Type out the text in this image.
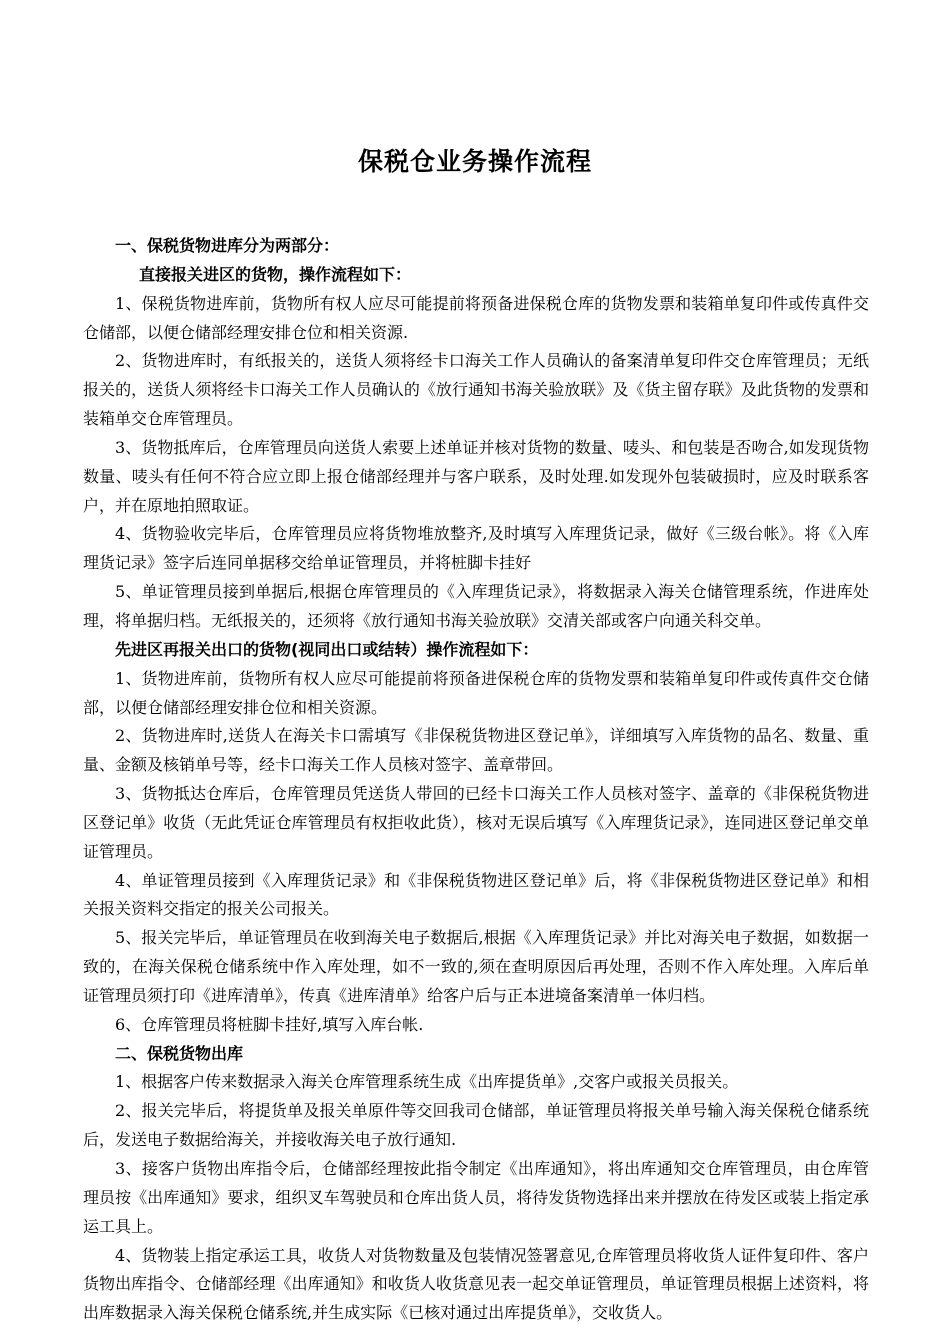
保税仓业务操作流程

一、保税货物进库分为两部分：

直接报关进区的货物，操作流程如下：

1、保税货物进库前，货物所有权人应尽可能提前将预备进保税仓库的货物发票和装箱单复印件或传真件交仓储部，以便仓储部经理安排仓位和相关资源.

2、货物进库时，有纸报关的，送货人须将经卡口海关工作人员确认的备案清单复印件交仓库管理员；无纸报关的，送货人须将经卡口海关工作人员确认的《放行通知书海关验放联》及《货主留存联》及此货物的发票和装箱单交仓库管理员。

3、货物抵库后，仓库管理员向送货人索要上述单证并核对货物的数量、唛头、和包装是否吻合,如发现货物数量、唛头有任何不符合应立即上报仓储部经理并与客户联系，及时处理.如发现外包装破损时，应及时联系客户，并在原地拍照取证。

4、货物验收完毕后，仓库管理员应将货物堆放整齐,及时填写入库理货记录，做好《三级台帐》。将《入库理货记录》签字后连同单据移交给单证管理员，并将桩脚卡挂好

5、单证管理员接到单据后,根据仓库管理员的《入库理货记录》，将数据录入海关仓储管理系统，作进库处理，将单据归档。无纸报关的，还须将《放行通知书海关验放联》交清关部或客户向通关科交单。

先进区再报关出口的货物(视同出口或结转）操作流程如下：

1、货物进库前，货物所有权人应尽可能提前将预备进保税仓库的货物发票和装箱单复印件或传真件交仓储部，以便仓储部经理安排仓位和相关资源。

2、货物进库时,送货人在海关卡口需填写《非保税货物进区登记单》，详细填写入库货物的品名、数量、重量、金额及核销单号等，经卡口海关工作人员核对签字、盖章带回。

3、货物抵达仓库后，仓库管理员凭送货人带回的已经卡口海关工作人员核对签字、盖章的《非保税货物进区登记单》收货（无此凭证仓库管理员有权拒收此货），核对无误后填写《入库理货记录》，连同进区登记单交单证管理员。

4、单证管理员接到《入库理货记录》和《非保税货物进区登记单》后，将《非保税货物进区登记单》和相关报关资料交指定的报关公司报关。

5、报关完毕后，单证管理员在收到海关电子数据后,根据《入库理货记录》并比对海关电子数据，如数据一致的，在海关保税仓储系统中作入库处理，如不一致的,须在查明原因后再处理，否则不作入库处理。入库后单证管理员须打印《进库清单》，传真《进库清单》给客户后与正本进境备案清单一体归档。

6、仓库管理员将桩脚卡挂好,填写入库台帐.

二、保税货物出库

1、根据客户传来数据录入海关仓库管理系统生成《出库提货单》,交客户或报关员报关。

2、报关完毕后，将提货单及报关单原件等交回我司仓储部，单证管理员将报关单号输入海关保税仓储系统后，发送电子数据给海关，并接收海关电子放行通知.

3、接客户货物出库指令后，仓储部经理按此指令制定《出库通知》，将出库通知交仓库管理员，由仓库管理员按《出库通知》要求，组织叉车驾驶员和仓库出货人员，将待发货物选择出来并摆放在待发区或装上指定承运工具上。

4、货物装上指定承运工具，收货人对货物数量及包装情况签署意见,仓库管理员将收货人证件复印件、客户货物出库指令、仓储部经理《出库通知》和收货人收货意见表一起交单证管理员，单证管理员根据上述资料，将出库数据录入海关保税仓储系统,并生成实际《已核对通过出库提货单》，交收货人。
